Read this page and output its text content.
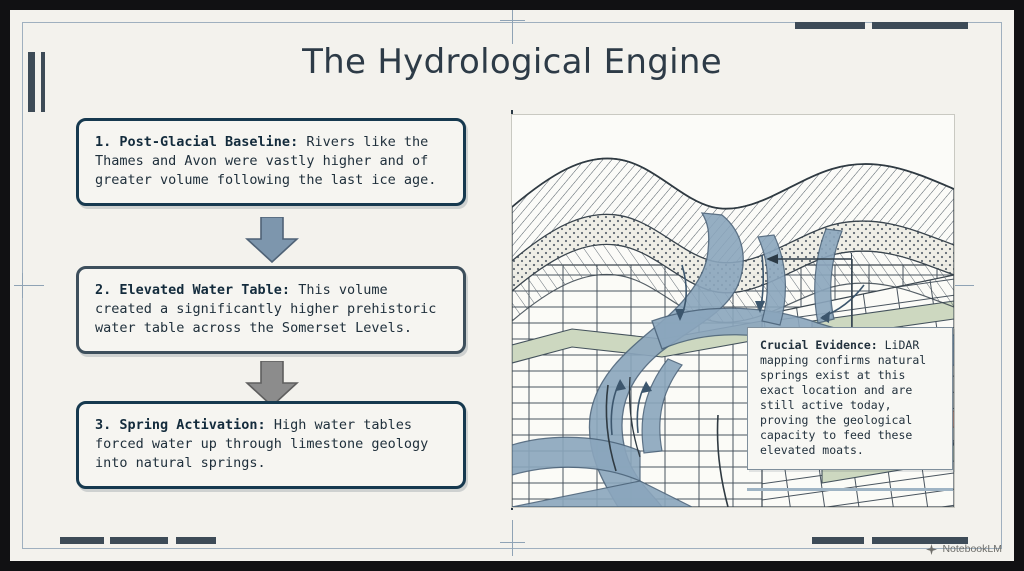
The Hydrological Engine
1. Post-Glacial Baseline: Rivers like the Thames and Avon were vastly higher and of greater volume following the last ice age.
2. Elevated Water Table: This volume created a significantly higher prehistoric water table across the Somerset Levels.
3. Spring Activation: High water tables forced water up through limestone geology into natural springs.
Crucial Evidence: LiDAR mapping confirms natural springs exist at this exact location and are still active today, proving the geological
capacity to feed these elevated moats.
NotebookLM
